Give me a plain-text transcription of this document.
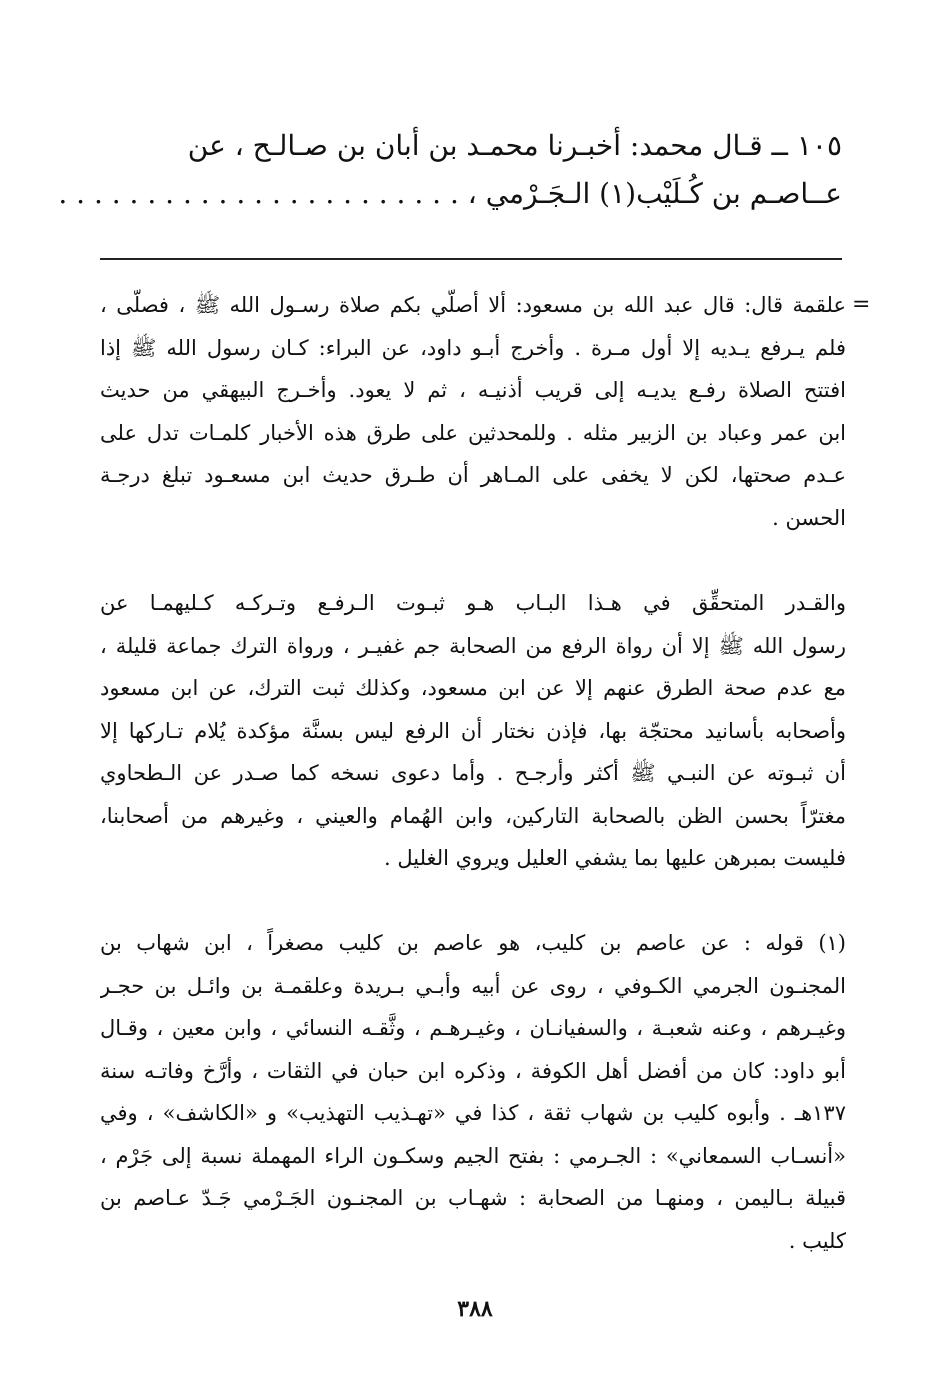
١٠٥ ــ قـال محمد: أخبـرنا محمـد بن أبان بن صـالـح ، عن
عــاصـم بن كُـلَيْب(١) الـجَـرْمي ، . . . . . . . . . . . . . . . . . . . . . . .
=
علقمة قال: قال عبد الله بن مسعود: ألا أصلّي بكم صلاة رسـول الله ﷺ ، فصلّى ،
فلم يـرفع يـديه إلا أول مـرة . وأخرج أبـو داود، عن البراء: كـان رسول الله ﷺ إذا
افتتح الصلاة رفـع يديـه إلى قريب أذنيـه ، ثم لا يعود. وأخـرج البيهقي من حديث
ابن عمر وعباد بن الزبير مثله . وللمحدثين على طرق هذه الأخبار كلمـات تدل على
عـدم صحتها، لكن لا يخفى على المـاهر أن طـرق حديث ابن مسعـود تبلغ درجـة
الحسن .
والقـدر المتحقِّق في هـذا البـاب هـو ثبـوت الـرفـع وتـركـه كـليهمـا عن
رسول الله ﷺ إلا أن رواة الرفع من الصحابة جم غفيـر ، ورواة الترك جماعة قليلة ،
مع عدم صحة الطرق عنهم إلا عن ابن مسعود، وكذلك ثبت الترك، عن ابن مسعود
وأصحابه بأسانيد محتجّة بها، فإذن نختار أن الرفع ليس بسنَّة مؤكدة يُلام تـاركها إلا
أن ثبـوته عن النبـي ﷺ أكثر وأرجـح . وأما دعوى نسخه كما صـدر عن الـطحاوي
مغترّاً بحسن الظن بالصحابة التاركين، وابن الهُمام والعيني ، وغيرهم من أصحابنا،
فليست بمبرهن عليها بما يشفي العليل ويروي الغليل .
(١) قوله : عن عاصم بن كليب، هو عاصم بن كليب مصغراً ، ابن شهاب بن
المجنـون الجرمي الكـوفي ، روى عن أبيه وأبـي بـريدة وعلقمـة بن وائـل بن حجـر
وغيـرهم ، وعنه شعبـة ، والسفيانـان ، وغيـرهـم ، وثَّقـه النسائي ، وابن معين ، وقـال
أبو داود: كان من أفضل أهل الكوفة ، وذكره ابن حبان في الثقات ، وأرَّخ وفاتـه سنة
١٣٧هـ . وأبوه كليب بن شهاب ثقة ، كذا في «تهـذيب التهذيب» و «الكاشف» ، وفي
«أنسـاب السمعاني» : الجـرمي : بفتح الجيم وسكـون الراء المهملة نسبة إلى جَرْم ،
قبيلة بـاليمن ، ومنهـا من الصحابة : شهـاب بن المجنـون الجَـرْمي جَـدّ عـاصم بن
كليب .
٣٨٨
